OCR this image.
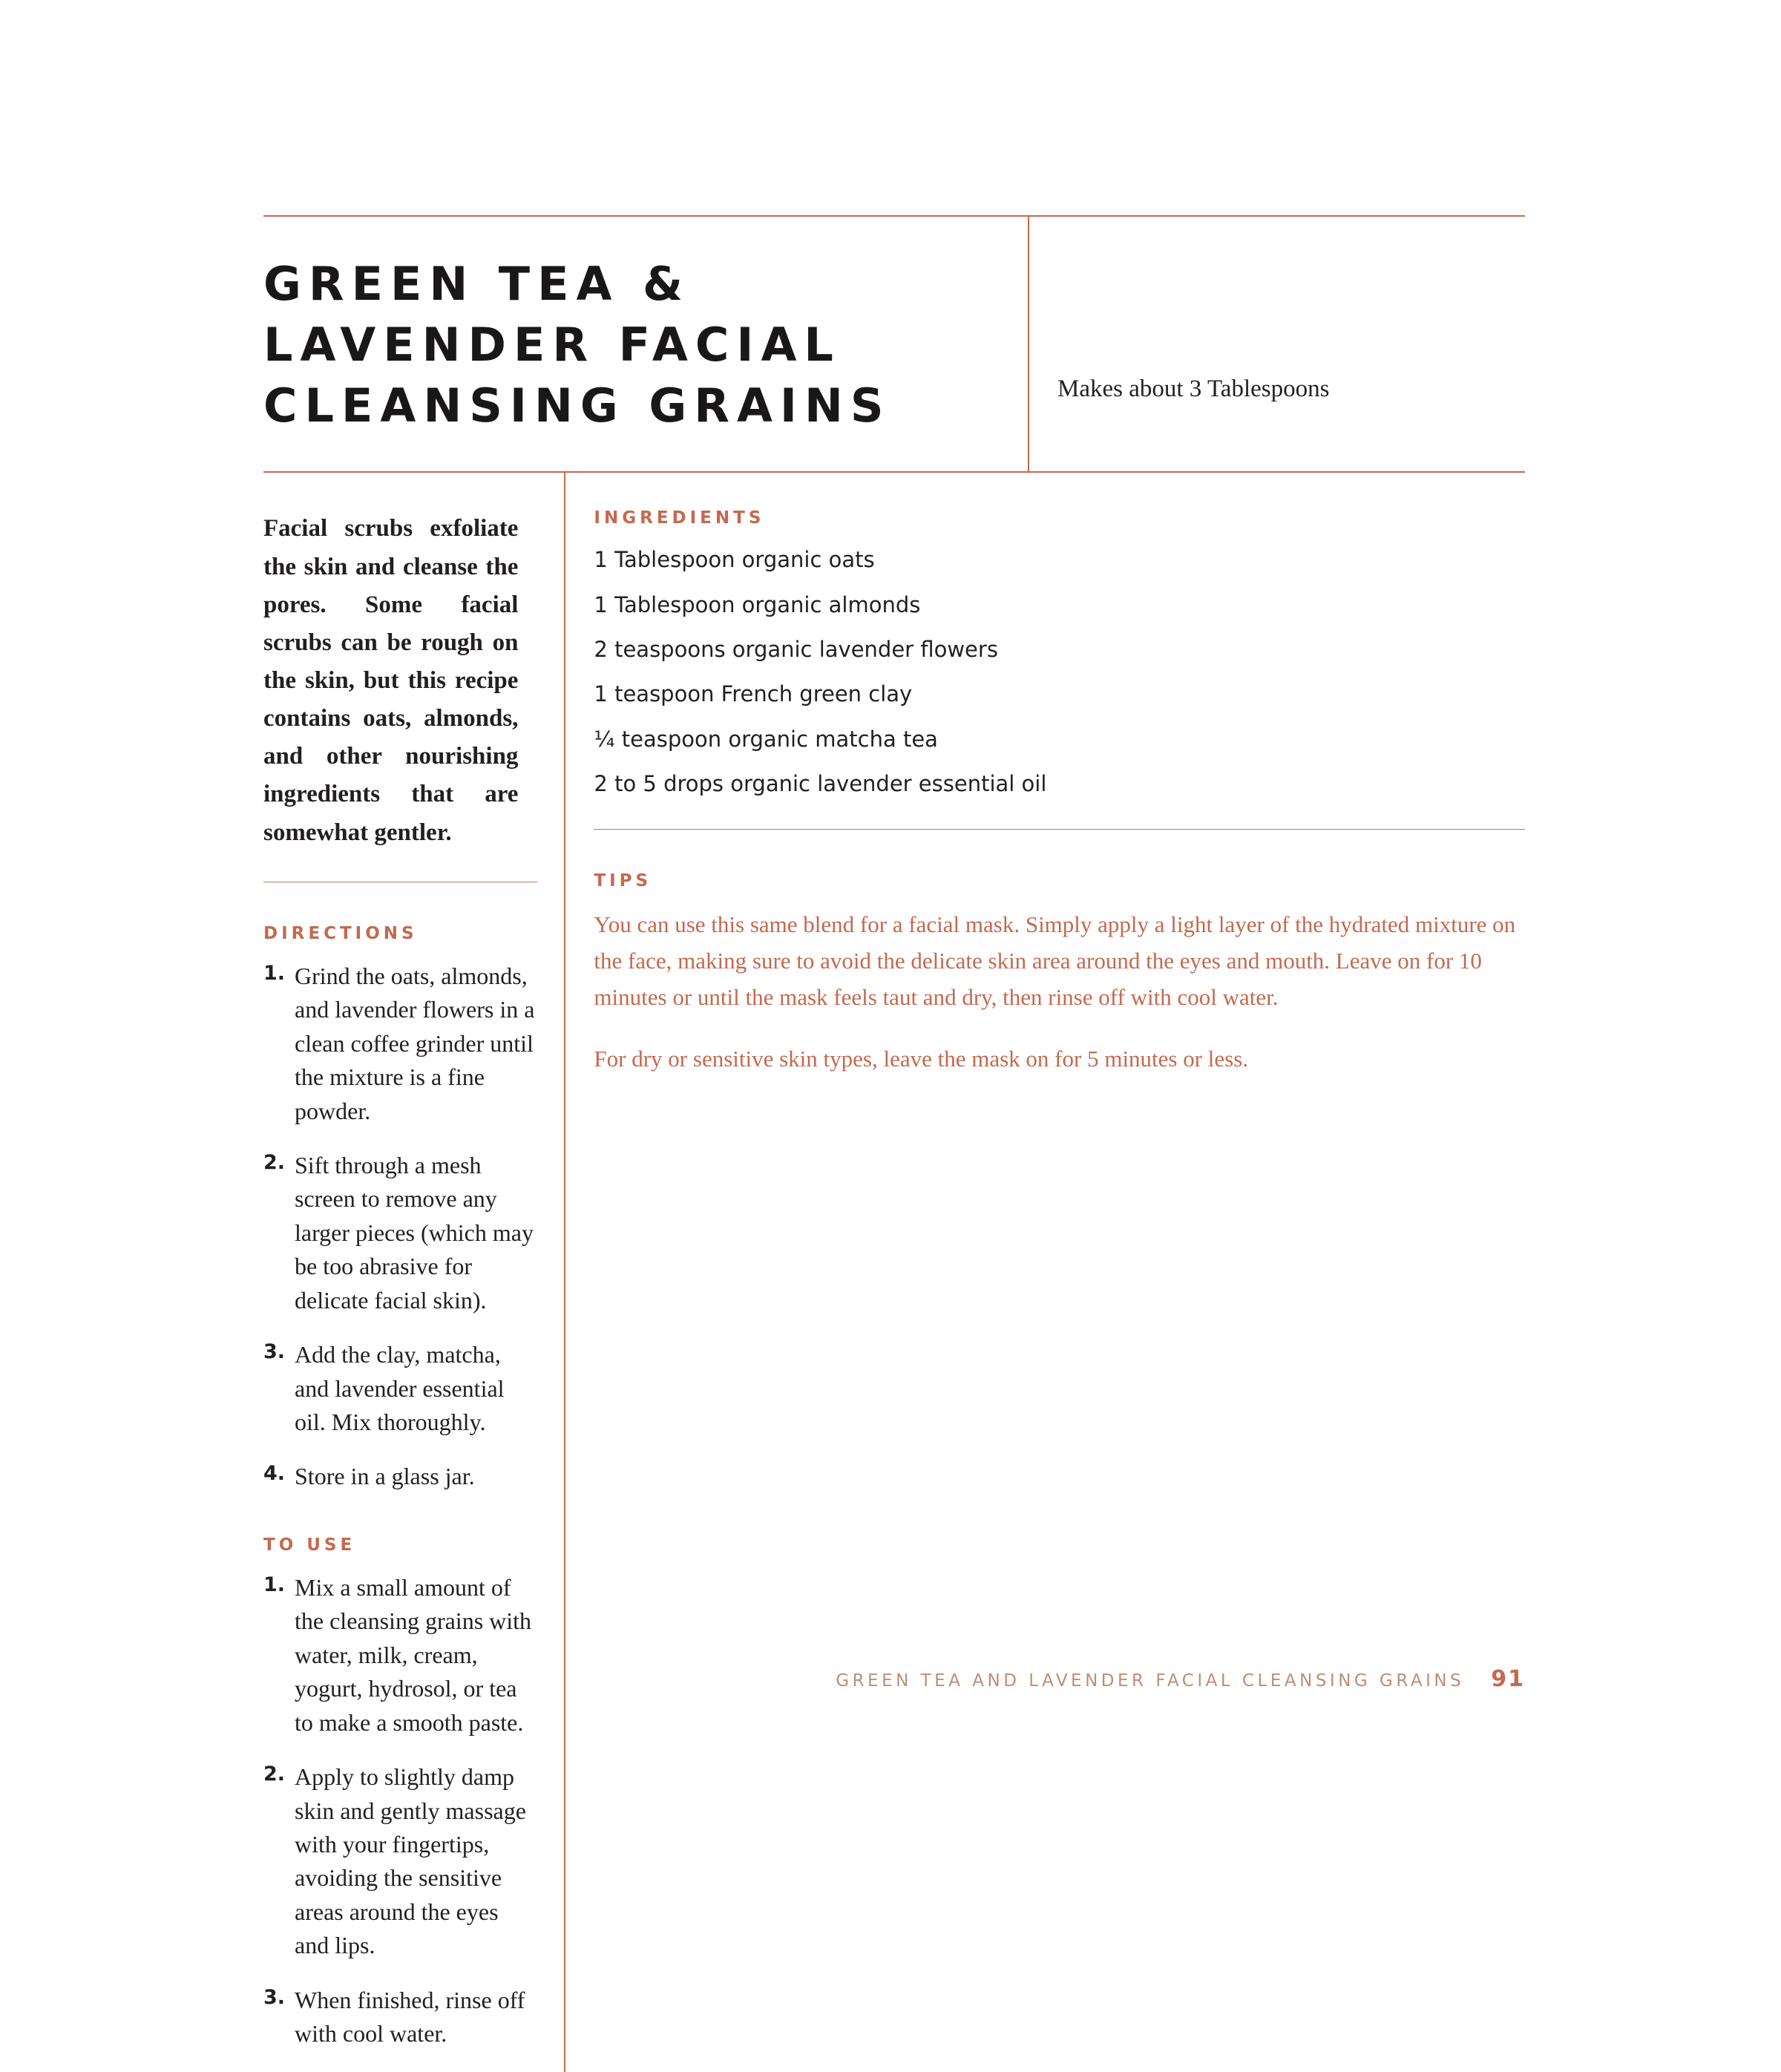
GREEN TEA & LAVENDER FACIAL CLEANSING GRAINS	Makes about 3 Tablespoons
Facial scrubs exfoliate the skin and cleanse the pores. Some facial scrubs can be rough on the skin, but this recipe contains oats, almonds, and other nourishing ingredients that are somewhat gentler.
DIRECTIONS
1. Grind the oats, almonds, and lavender flowers in a clean coffee grinder until the mixture is a fine powder.
2. Sift through a mesh screen to remove any larger pieces (which may be too abrasive for delicate facial skin).
3. Add the clay, matcha, and lavender essential oil. Mix thoroughly.
4. Store in a glass jar.
TO USE
1. Mix a small amount of the cleansing grains with water, milk, cream, yogurt, hydrosol, or tea to make a smooth paste.
2. Apply to slightly damp skin and gently massage with your fingertips, avoiding the sensitive areas around the eyes and lips.
3. When finished, rinse off with cool water.
INGREDIENTS
1 Tablespoon organic oats
1 Tablespoon organic almonds
2 teaspoons organic lavender flowers
1 teaspoon French green clay
¼ teaspoon organic matcha tea
2 to 5 drops organic lavender essential oil
TIPS

You can use this same blend for a facial mask. Simply apply a light layer of the hydrated mixture on the face, making sure to avoid the delicate skin area around the eyes and mouth. Leave on for 10 minutes or until the mask feels taut and dry, then rinse off with cool water.

For dry or sensitive skin types, leave the mask on for 5 minutes or less.

GREEN TEA AND LAVENDER FACIAL CLEANSING GRAINS 91
